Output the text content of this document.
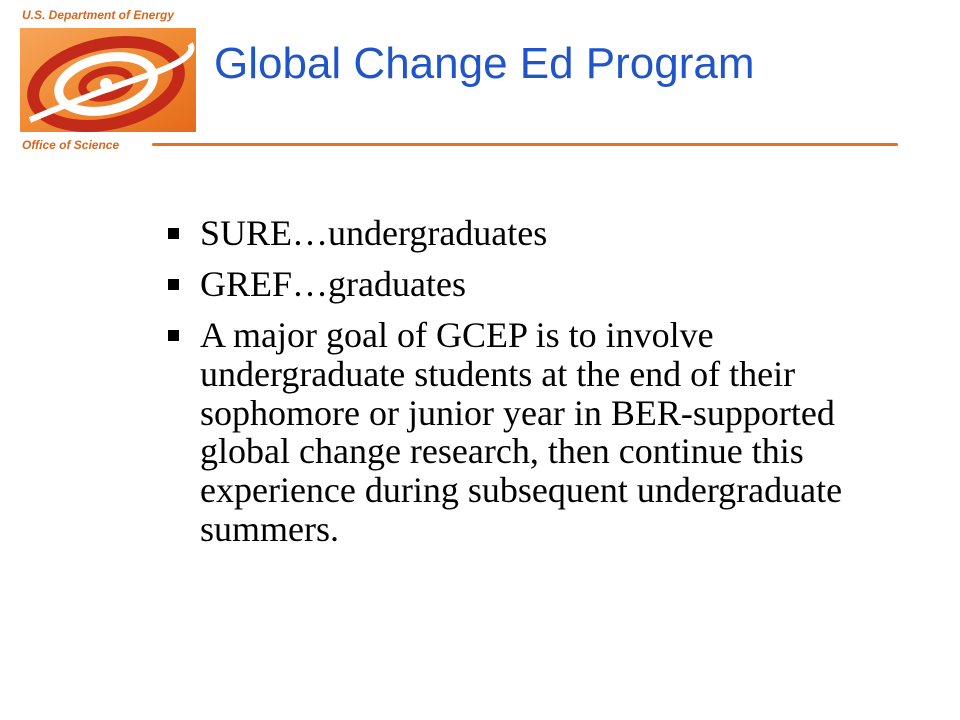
U.S. Department of Energy
Office of Science
Global Change Ed Program
SURE…undergraduates
GREF…graduates
A major goal of GCEP is to involve undergraduate students at the end of their sophomore or junior year in BER-supported global change research, then continue this experience during subsequent undergraduate summers.
